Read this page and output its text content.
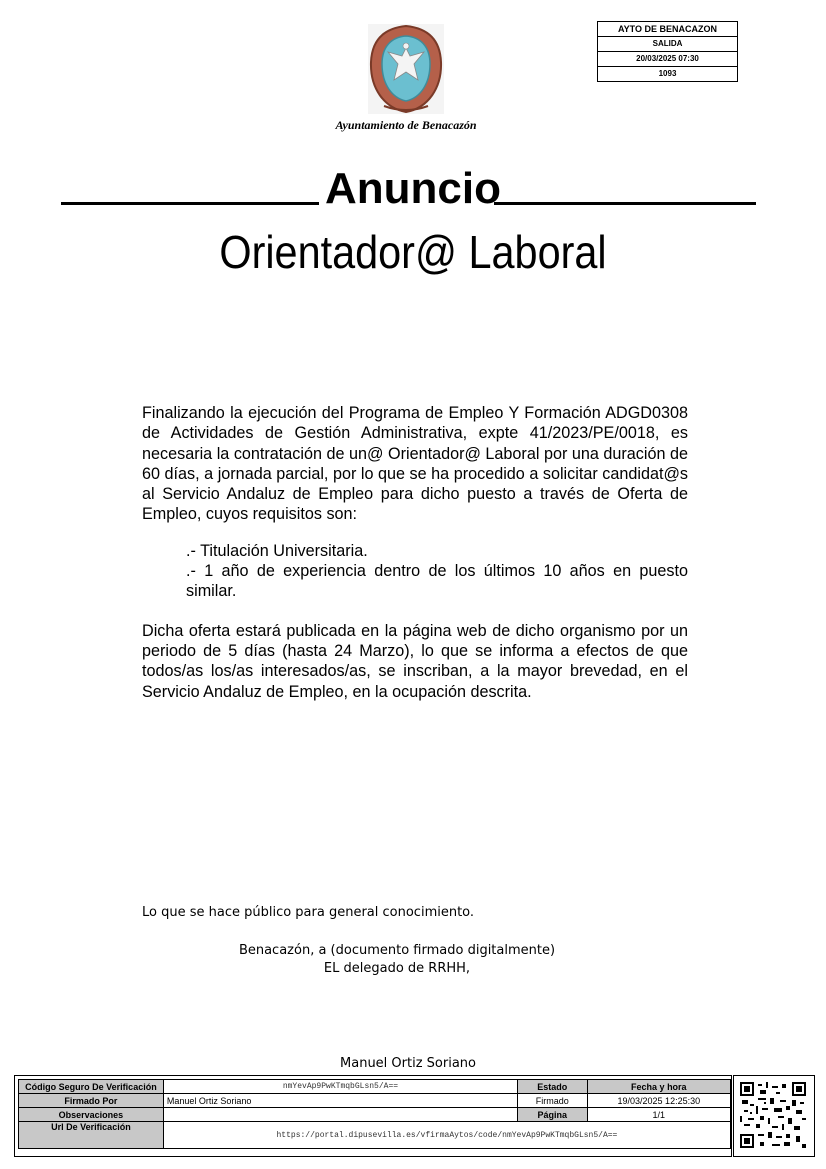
AYTO DE BENACAZON
SALIDA
20/03/2025 07:30
1093
Ayuntamiento de Benacazón
Anuncio
Orientador@ Laboral

Finalizando la ejecución del Programa de Empleo Y Formación ADGD0308 de Actividades de Gestión Administrativa, expte 41/2023/PE/0018, es necesaria la contratación de un@ Orientador@ Laboral por una duración de 60 días, a jornada parcial, por lo que se ha procedido a solicitar candidat@s al Servicio Andaluz de Empleo para dicho puesto a través de Oferta de Empleo, cuyos requisitos son:

.- Titulación Universitaria.
.- 1 año de experiencia dentro de los últimos 10 años en puesto similar.

Dicha oferta estará publicada en la página web de dicho organismo por un periodo de 5 días (hasta 24 Marzo), lo que se informa a efectos de que todos/as los/as interesados/as, se inscriban, a la mayor brevedad, en el Servicio Andaluz de Empleo, en la ocupación descrita.

Lo que se hace público para general conocimiento.
Benacazón, a (documento firmado digitalmente)
EL delegado de RRHH,
Manuel Ortiz Soriano
Código Seguro De Verificación	nmYevAp9PwKTmqbGLsn5/A==	Estado	Fecha y hora
Firmado Por	Manuel Ortiz Soriano	Firmado	19/03/2025 12:25:30
Observaciones		Página	1/1
Url De Verificación	https://portal.dipusevilla.es/vfirmaAytos/code/nmYevAp9PwKTmqbGLsn5/A==		
